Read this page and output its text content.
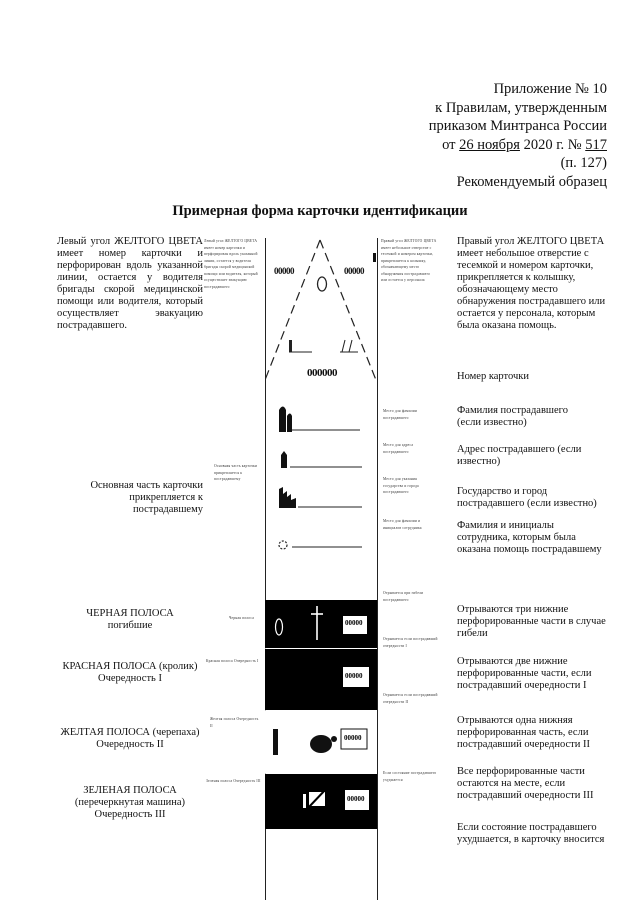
Приложение № 10
к Правилам, утвержденным
приказом Минтранса России
от 26 ноября 2020 г. № 517
(п. 127)
Рекомендуемый образец
Примерная форма карточки идентификации
Левый угол ЖЕЛТОГО ЦВЕТА имеет номер карточки и перфорирован вдоль указанной линии, остается у водителя бригады скорой медицинской помощи или водителя, который осуществляет эвакуацию пострадавшего.
Основная часть карточки прикрепляется к пострадавшему
ЧЕРНАЯ ПОЛОСА
погибшие
КРАСНАЯ ПОЛОСА (кролик)
Очередность I
ЖЕЛТАЯ ПОЛОСА (черепаха)
Очередность II
ЗЕЛЕНАЯ ПОЛОСА
(перечеркнутая машина)
Очередность III
Правый угол ЖЕЛТОГО ЦВЕТА имеет небольшое отверстие с тесемкой и номером карточки, прикрепляется к колышку, обозначающему место обнаружения пострадавшего или остается у персонала, которым была оказана помощь.
Номер карточки
Фамилия пострадавшего (если известно)
Адрес пострадавшего (если известно)
Государство и город пострадавшего (если известно)
Фамилия и инициалы сотрудника, которым была оказана помощь пострадавшему
Отрываются три нижние перфорированные части в случае гибели
Отрываются две нижние перфорированные части, если пострадавший очередности I
Отрываются одна нижняя перфорированная часть, если пострадавший очередности II
Все перфорированные части остаются на месте, если пострадавший очередности III
Если состояние пострадавшего ухудшается, в карточку вносится
Левый угол ЖЕЛТОГО ЦВЕТА имеет номер карточки и перфорирован вдоль указанной линии, остается у водителя бригады скорой медицинской помощи или водителя, который осуществляет эвакуацию пострадавшего
Правый угол ЖЕЛТОГО ЦВЕТА имеет небольшое отверстие с тесемкой и номером карточки, прикрепляется к колышку, обозначающему место обнаружения пострадавшего или остается у персонала
Место для фамилии пострадавшего
Место для адреса пострадавшего
Место для указания государства и города пострадавшего
Место для фамилии и инициалов сотрудника
Основная часть карточки прикрепляется к пострадавшему
Черная полоса
Отрывается при гибели пострадавшего
Красная полоса Очередность I
Отрывается если пострадавший очередности I
Желтая полоса Очередность II
Отрывается если пострадавший очередности II
Зеленая полоса Очередность III
Если состояние пострадавшего ухудшается
00000	00000
000000
00000
00000
00000
00000
